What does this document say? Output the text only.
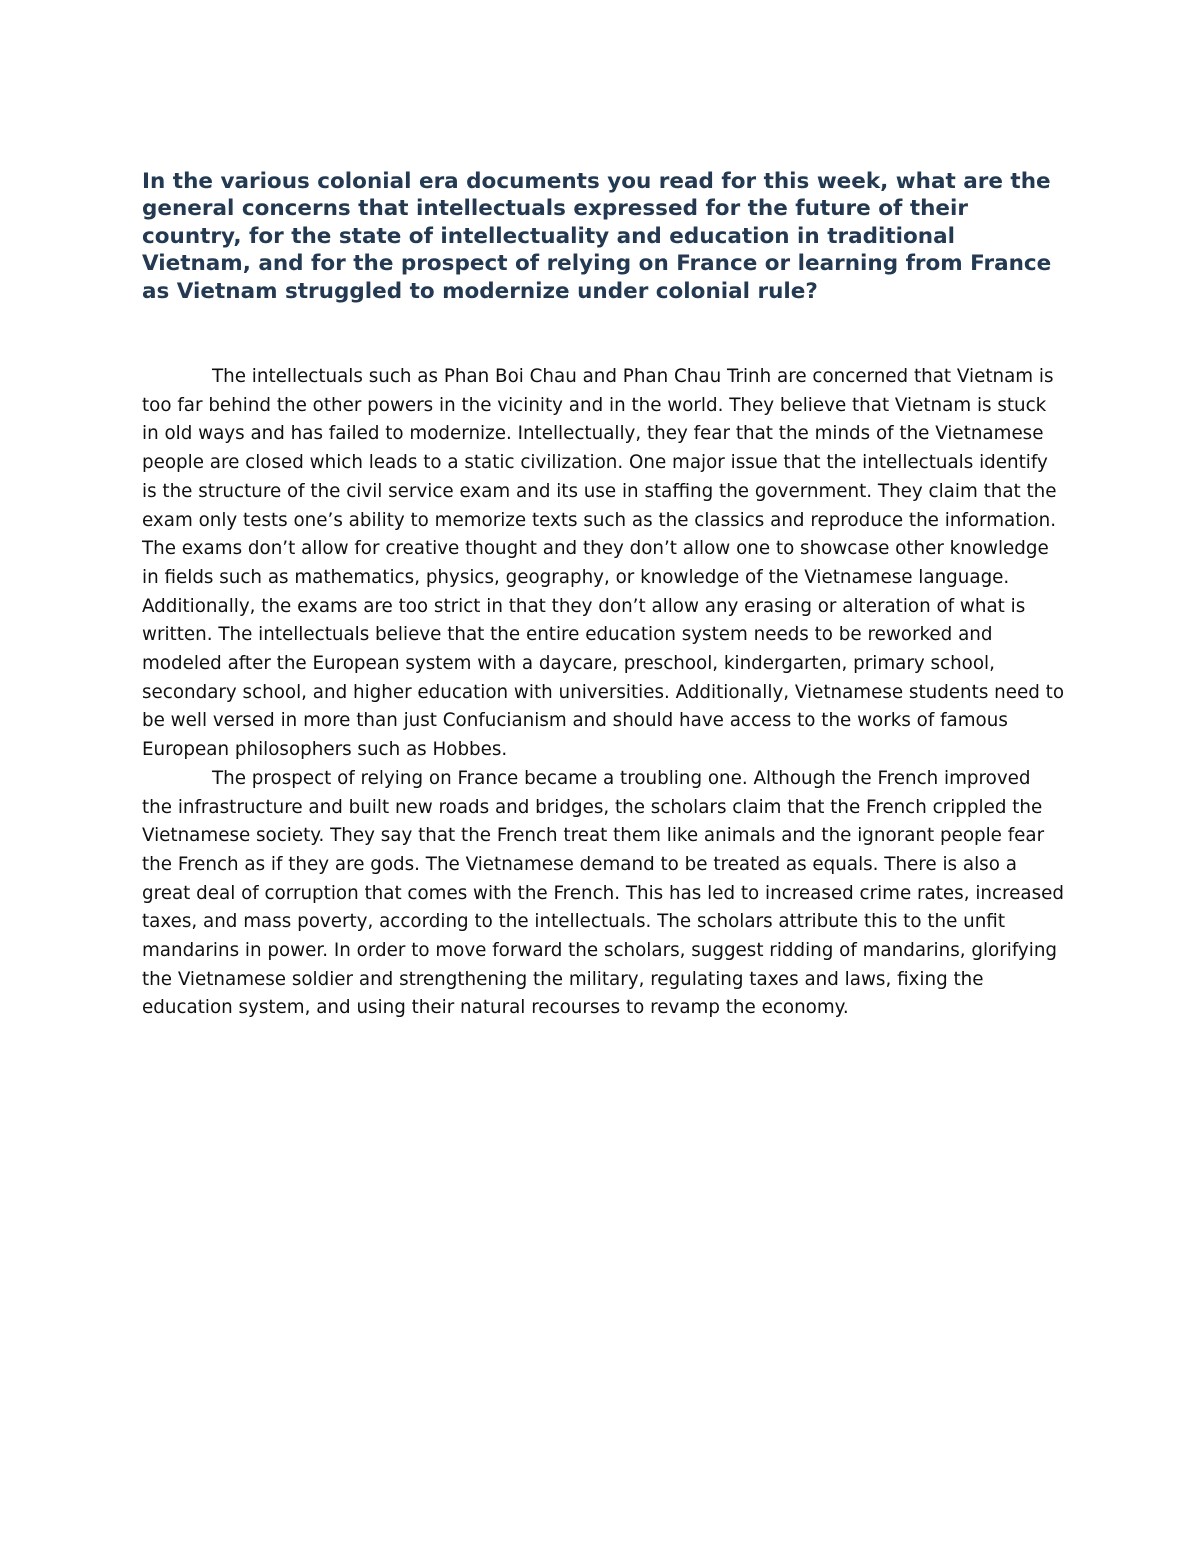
In the various colonial era documents you read for this week, what are the general concerns that intellectuals expressed for the future of their country, for the state of intellectuality and education in traditional Vietnam, and for the prospect of relying on France or learning from France as Vietnam struggled to modernize under colonial rule?

The intellectuals such as Phan Boi Chau and Phan Chau Trinh are concerned that Vietnam is too far behind the other powers in the vicinity and in the world. They believe that Vietnam is stuck in old ways and has failed to modernize. Intellectually, they fear that the minds of the Vietnamese people are closed which leads to a static civilization. One major issue that the intellectuals identify is the structure of the civil service exam and its use in staffing the government. They claim that the exam only tests one’s ability to memorize texts such as the classics and reproduce the information. The exams don’t allow for creative thought and they don’t allow one to showcase other knowledge in fields such as mathematics, physics, geography, or knowledge of the Vietnamese language. Additionally, the exams are too strict in that they don’t allow any erasing or alteration of what is written. The intellectuals believe that the entire education system needs to be reworked and modeled after the European system with a daycare, preschool, kindergarten, primary school, secondary school, and higher education with universities. Additionally, Vietnamese students need to be well versed in more than just Confucianism and should have access to the works of famous European philosophers such as Hobbes.

The prospect of relying on France became a troubling one. Although the French improved the infrastructure and built new roads and bridges, the scholars claim that the French crippled the Vietnamese society. They say that the French treat them like animals and the ignorant people fear the French as if they are gods. The Vietnamese demand to be treated as equals. There is also a great deal of corruption that comes with the French. This has led to increased crime rates, increased taxes, and mass poverty, according to the intellectuals. The scholars attribute this to the unfit mandarins in power. In order to move forward the scholars, suggest ridding of mandarins, glorifying the Vietnamese soldier and strengthening the military, regulating taxes and laws, fixing the education system, and using their natural recourses to revamp the economy.
